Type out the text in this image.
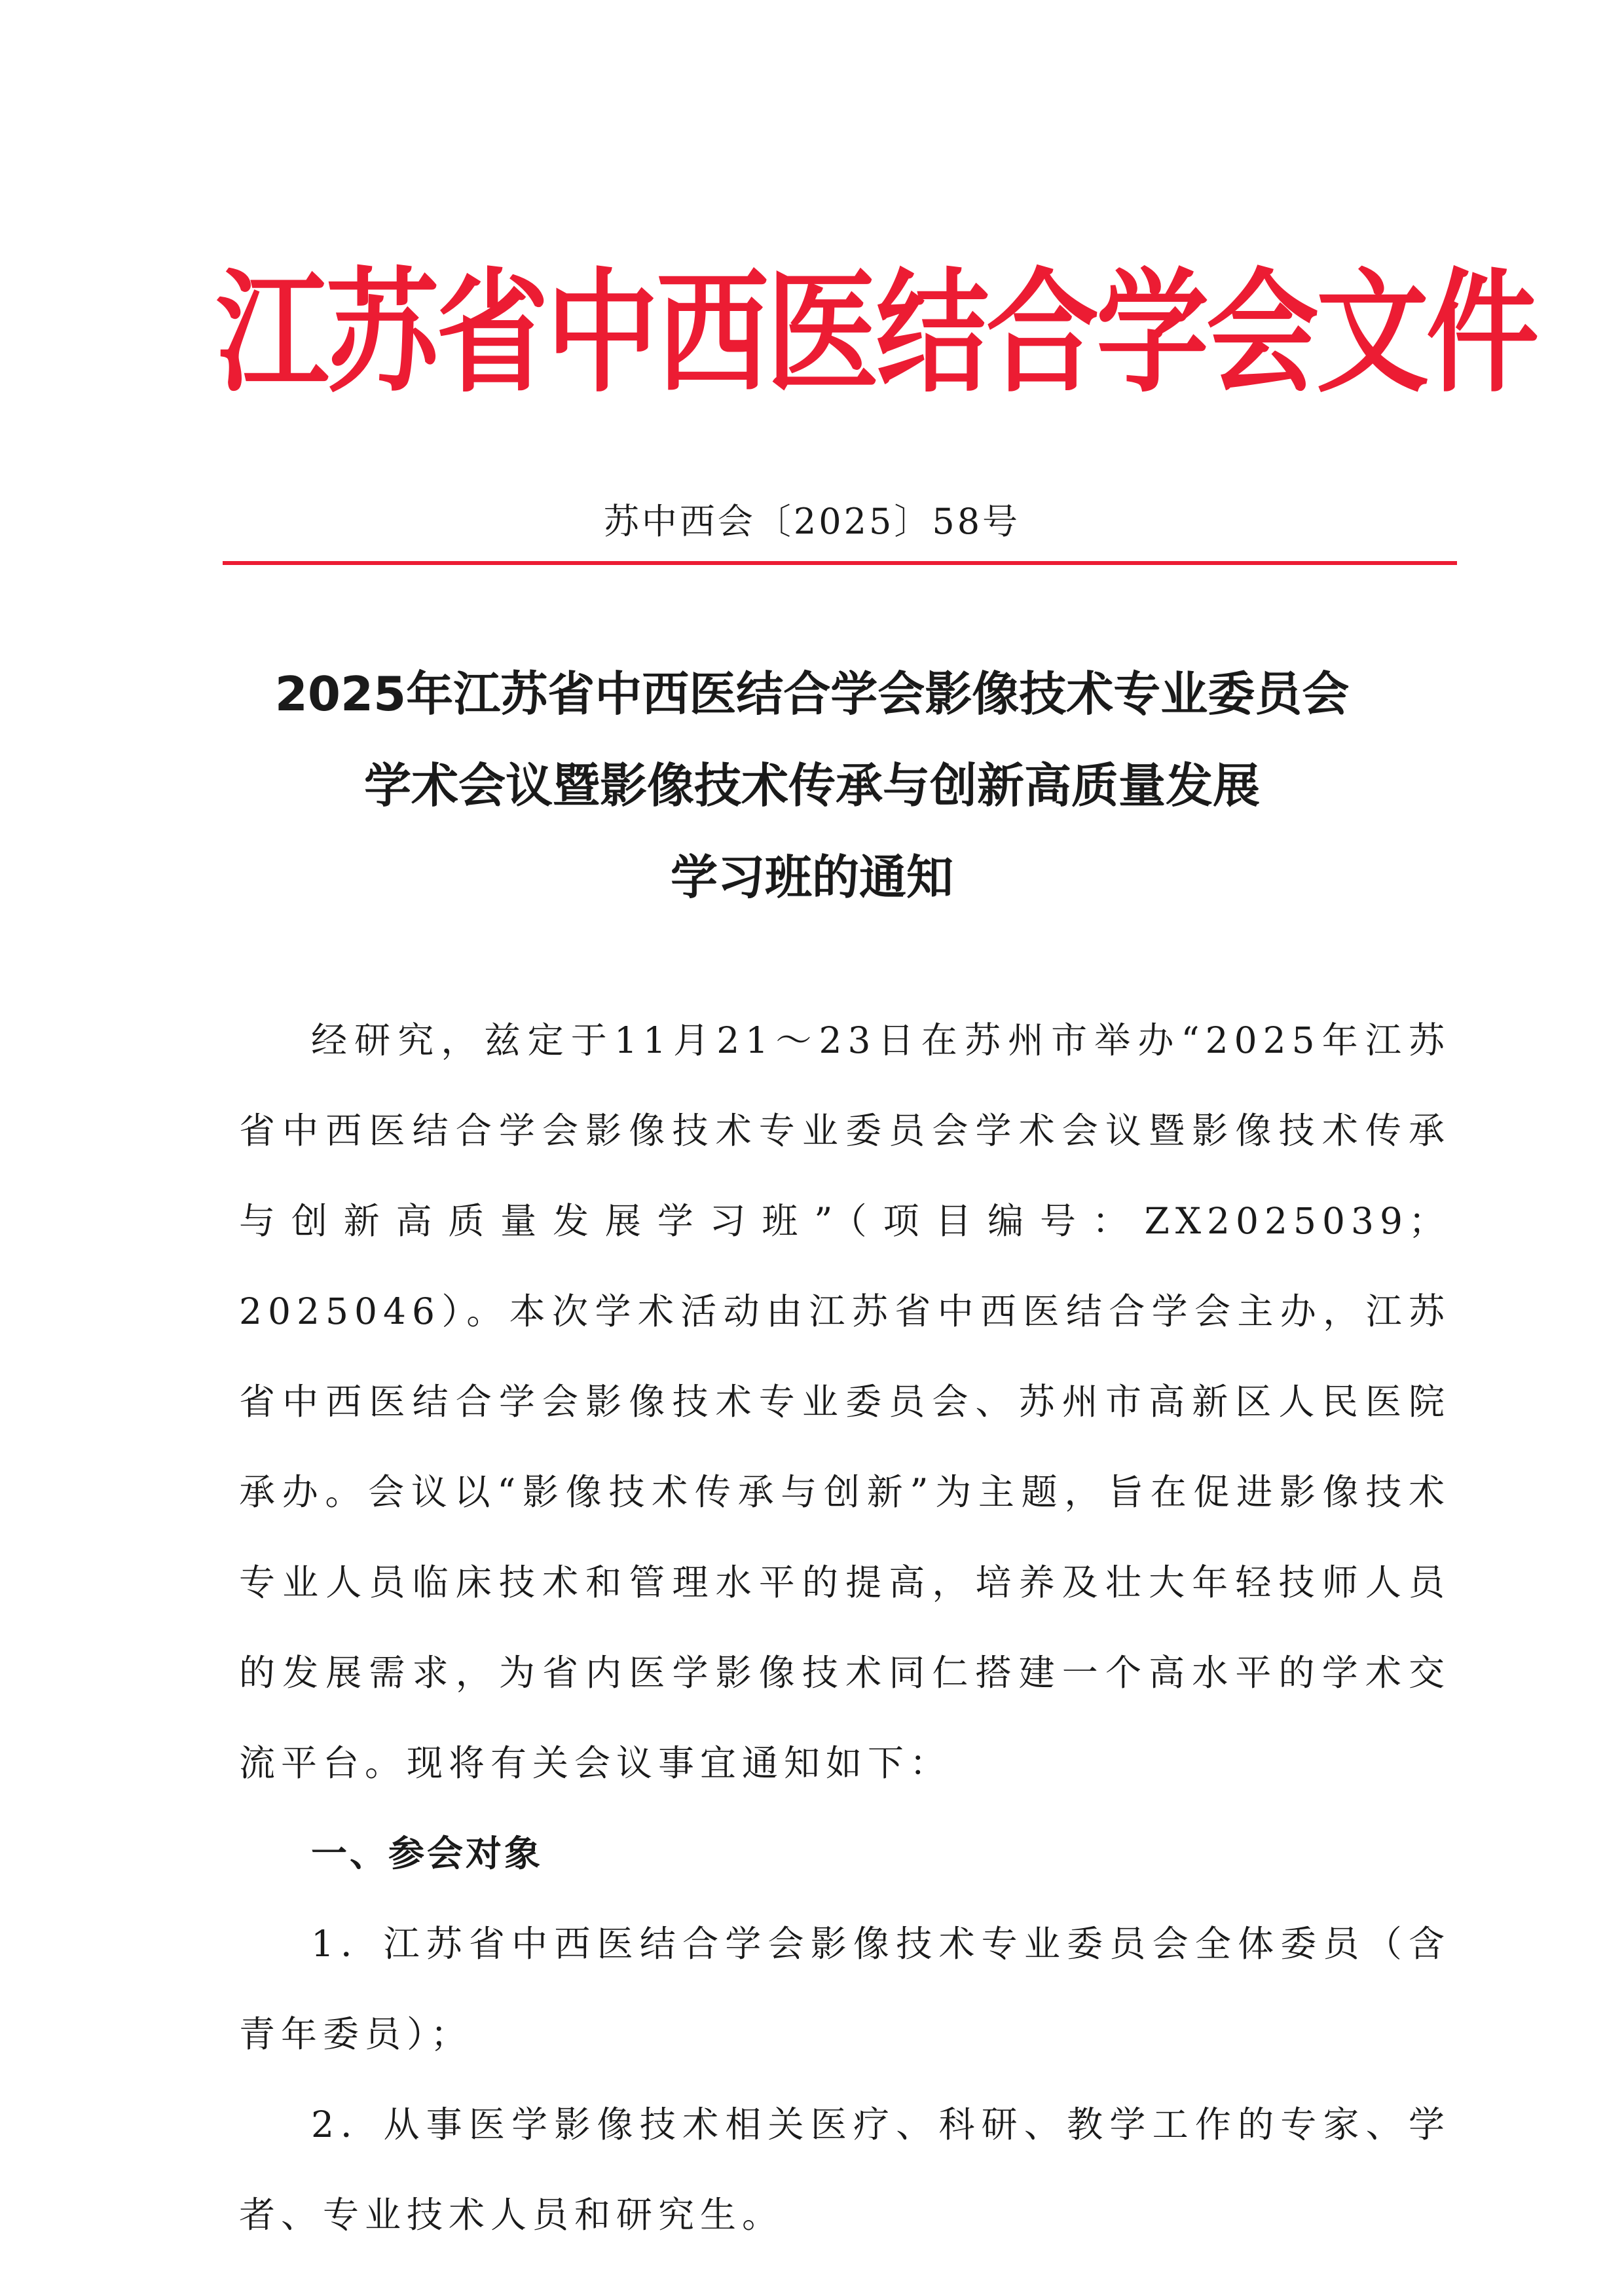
江苏省中西医结合学会文件
苏中西会〔2025〕58号
2025年江苏省中西医结合学会影像技术专业委员会
学术会议暨影像技术传承与创新高质量发展
学习班的通知

经研究，兹定于11月21～23日在苏州市举办“2025年江苏省中西医结合学会影像技术专业委员会学术会议暨影像技术传承与创新高质量发展学习班”（项目编号：ZX2025039；2025046）。本次学术活动由江苏省中西医结合学会主办，江苏省中西医结合学会影像技术专业委员会、苏州市高新区人民医院承办。会议以“影像技术传承与创新”为主题，旨在促进影像技术专业人员临床技术和管理水平的提高，培养及壮大年轻技师人员的发展需求，为省内医学影像技术同仁搭建一个高水平的学术交流平台。现将有关会议事宜通知如下：

一、参会对象

1．江苏省中西医结合学会影像技术专业委员会全体委员（含青年委员）；

2．从事医学影像技术相关医疗、科研、教学工作的专家、学者、专业技术人员和研究生。
